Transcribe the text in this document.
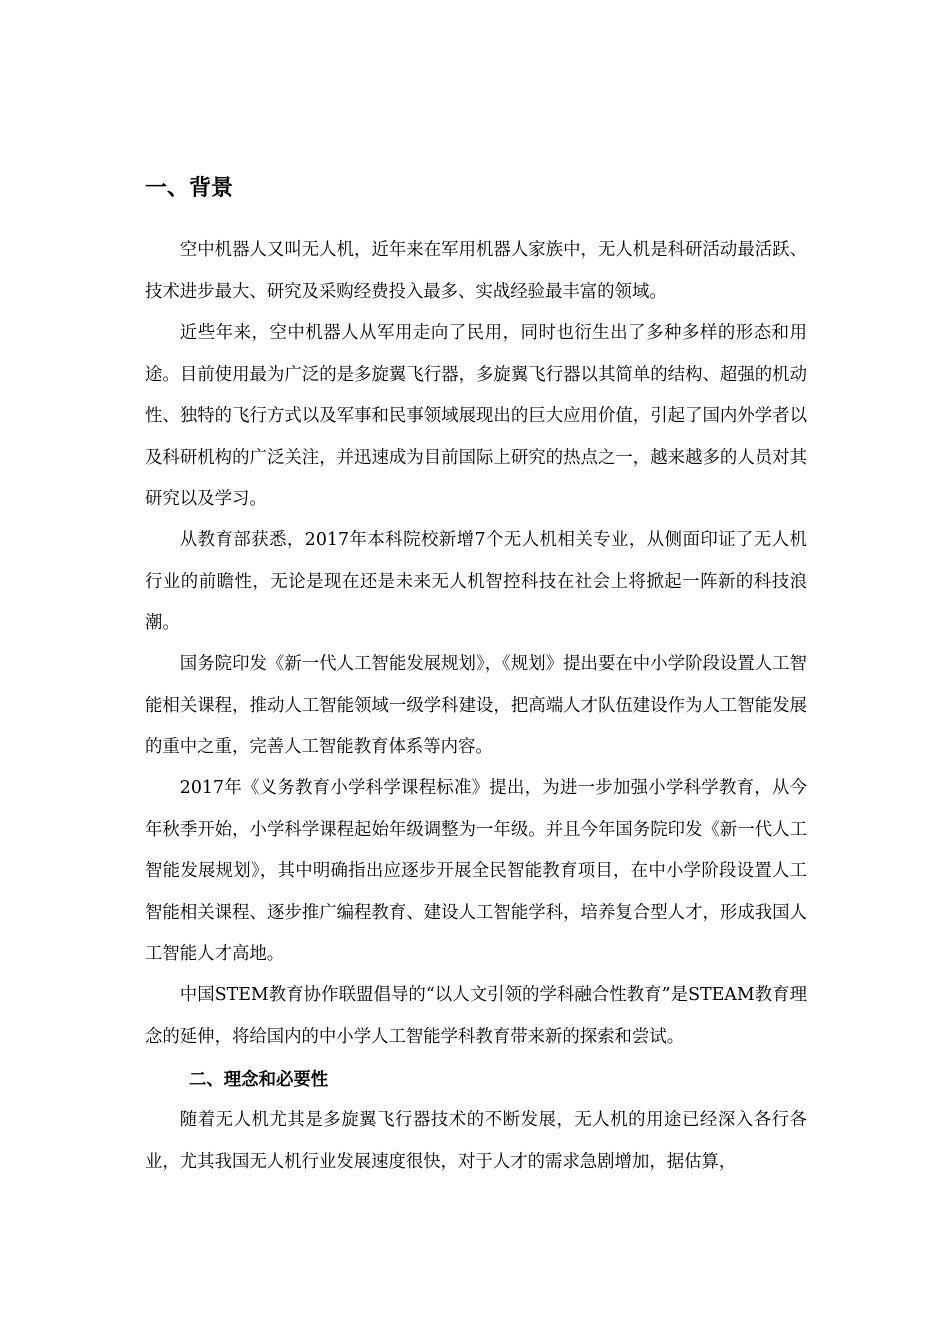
一、背景

空中机器人又叫无人机，近年来在军用机器人家族中，无人机是科研活动最活跃、技术进步最大、研究及采购经费投入最多、实战经验最丰富的领域。

近些年来，空中机器人从军用走向了民用，同时也衍生出了多种多样的形态和用途。目前使用最为广泛的是多旋翼飞行器，多旋翼飞行器以其简单的结构、超强的机动性、独特的飞行方式以及军事和民事领域展现出的巨大应用价值，引起了国内外学者以及科研机构的广泛关注，并迅速成为目前国际上研究的热点之一，越来越多的人员对其研究以及学习。

从教育部获悉，2017年本科院校新增7个无人机相关专业，从侧面印证了无人机行业的前瞻性，无论是现在还是未来无人机智控科技在社会上将掀起一阵新的科技浪潮。

国务院印发《新一代人工智能发展规划》，《规划》提出要在中小学阶段设置人工智能相关课程，推动人工智能领域一级学科建设，把高端人才队伍建设作为人工智能发展的重中之重，完善人工智能教育体系等内容。

2017年《义务教育小学科学课程标准》提出，为进一步加强小学科学教育，从今年秋季开始，小学科学课程起始年级调整为一年级。并且今年国务院印发《新一代人工智能发展规划》，其中明确指出应逐步开展全民智能教育项目，在中小学阶段设置人工智能相关课程、逐步推广编程教育、建设人工智能学科，培养复合型人才，形成我国人工智能人才高地。

中国STEM教育协作联盟倡导的“以人文引领的学科融合性教育”是STEAM教育理念的延伸，将给国内的中小学人工智能学科教育带来新的探索和尝试。

二、理念和必要性

随着无人机尤其是多旋翼飞行器技术的不断发展，无人机的用途已经深入各行各业，尤其我国无人机行业发展速度很快，对于人才的需求急剧增加，据估算，
